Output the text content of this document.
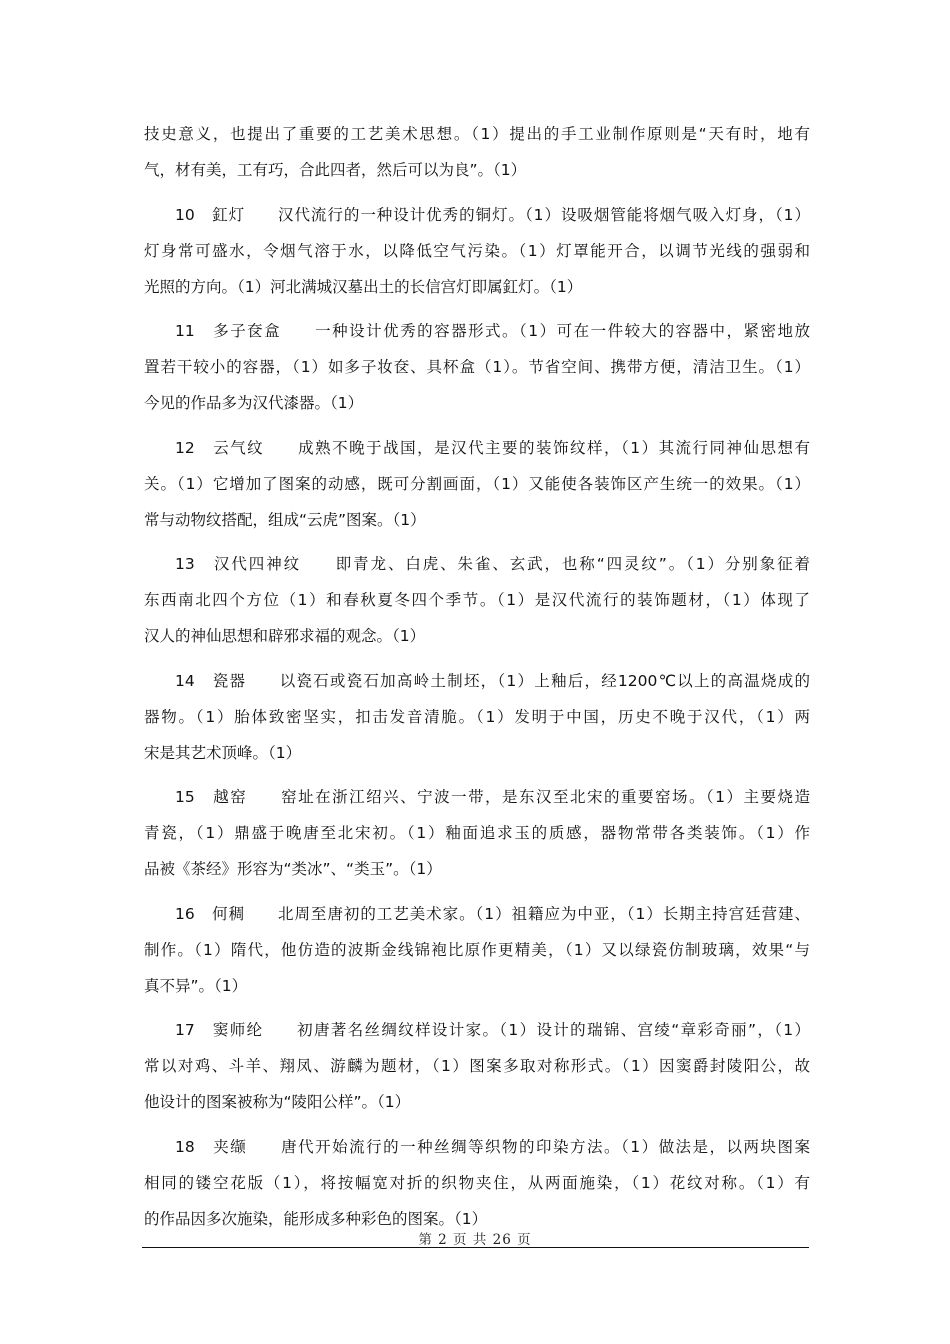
技史意义，也提出了重要的工艺美术思想。（1）提出的手工业制作原则是“天有时，地有
气，材有美，工有巧，合此四者，然后可以为良”。（1）
10　釭灯　　汉代流行的一种设计优秀的铜灯。（1）设吸烟管能将烟气吸入灯身，（1）
灯身常可盛水，令烟气溶于水，以降低空气污染。（1）灯罩能开合，以调节光线的强弱和
光照的方向。（1）河北满城汉墓出土的长信宫灯即属釭灯。（1）
11　多子奁盒　　一种设计优秀的容器形式。（1）可在一件较大的容器中，紧密地放
置若干较小的容器，（1）如多子妆奁、具杯盒（1）。节省空间、携带方便，清洁卫生。（1）
今见的作品多为汉代漆器。（1）
12　云气纹　　成熟不晚于战国，是汉代主要的装饰纹样，（1）其流行同神仙思想有
关。（1）它增加了图案的动感，既可分割画面，（1）又能使各装饰区产生统一的效果。（1）
常与动物纹搭配，组成“云虎”图案。（1）
13　汉代四神纹　　即青龙、白虎、朱雀、玄武，也称“四灵纹”。（1）分别象征着
东西南北四个方位（1）和春秋夏冬四个季节。（1）是汉代流行的装饰题材，（1）体现了
汉人的神仙思想和辟邪求福的观念。（1）
14　瓷器　　以瓷石或瓷石加高岭土制坯，（1）上釉后，经1200℃以上的高温烧成的
器物。（1）胎体致密坚实，扣击发音清脆。（1）发明于中国，历史不晚于汉代，（1）两
宋是其艺术顶峰。（1）
15　越窑　　窑址在浙江绍兴、宁波一带，是东汉至北宋的重要窑场。（1）主要烧造
青瓷，（1）鼎盛于晚唐至北宋初。（1）釉面追求玉的质感，器物常带各类装饰。（1）作
品被《茶经》形容为“类冰”、“类玉”。（1）
16　何稠　　北周至唐初的工艺美术家。（1）祖籍应为中亚，（1）长期主持宫廷营建、
制作。（1）隋代，他仿造的波斯金线锦袍比原作更精美，（1）又以绿瓷仿制玻璃，效果“与
真不异”。（1）
17　窦师纶　　初唐著名丝绸纹样设计家。（1）设计的瑞锦、宫绫“章彩奇丽”，（1）
常以对鸡、斗羊、翔凤、游麟为题材，（1）图案多取对称形式。（1）因窦爵封陵阳公，故
他设计的图案被称为“陵阳公样”。（1）
18　夹缬　　唐代开始流行的一种丝绸等织物的印染方法。（1）做法是，以两块图案
相同的镂空花版（1），将按幅宽对折的织物夹住，从两面施染，（1）花纹对称。（1）有
的作品因多次施染，能形成多种彩色的图案。（1）
第 2 页 共 26 页
